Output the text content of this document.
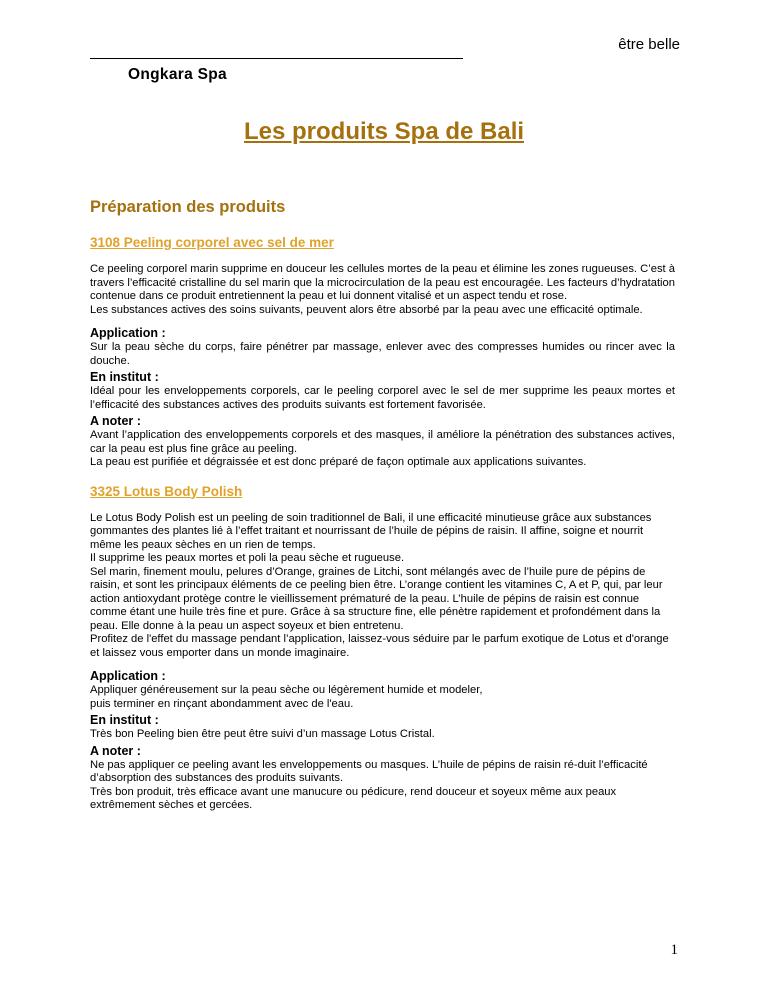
être belle
Ongkara Spa
Les produits Spa de Bali
Préparation des produits
3108 Peeling corporel avec sel de mer

Ce peeling corporel marin supprime en douceur les cellules mortes de la peau et élimine les zones rugueuses. C’est à travers l’efficacité cristalline du sel marin que la microcirculation de la peau est encouragée. Les facteurs d’hydratation contenue dans ce produit entretiennent la peau et lui donnent vitalisé et un aspect tendu et rose.

Les substances actives des soins suivants, peuvent alors être absorbé par la peau avec une efficacité optimale.

Application :

Sur la peau sèche du corps, faire pénétrer par massage, enlever avec des compresses humides ou rincer avec la douche.

En institut :

Idéal pour les enveloppements corporels, car le peeling corporel avec le sel de mer supprime les peaux mortes et l’efficacité des substances actives des produits suivants est fortement favorisée.

A noter :

Avant l’application des enveloppements corporels et des masques, il améliore la pénétration des substances actives, car la peau est plus fine grâce au peeling.

La peau est purifiée et dégraissée et est donc préparé de façon optimale aux applications suivantes.

3325 Lotus Body Polish

Le Lotus Body Polish est un peeling de soin traditionnel de Bali, il une efficacité minutieuse grâce aux substances gommantes des plantes lié à l’effet traitant et nourrissant de l’huile de pépins de raisin. Il affine, soigne et nourrit même les peaux sèches en un rien de temps.

Il supprime les peaux mortes et poli la peau sèche et rugueuse.

Sel marin, finement moulu, pelures d’Orange, graines de Litchi, sont mélangés avec de l’huile pure de pépins de raisin, et sont les principaux éléments de ce peeling bien être. L’orange contient les vitamines C, A et P, qui, par leur action antioxydant protège contre le vieillissement prématuré de la peau. L’huile de pépins de raisin est connue comme étant une huile très fine et pure. Grâce à sa structure fine, elle pénètre rapidement et profondément dans la peau. Elle donne à la peau un aspect soyeux et bien entretenu.

Profitez de l'effet du massage pendant l’application, laissez-vous séduire par le parfum exotique de Lotus et d'orange et laissez vous emporter dans un monde imaginaire.

Application :

Appliquer généreusement sur la peau sèche ou légèrement humide et modeler,

puis terminer en rinçant abondamment avec de l'eau.

En institut :

Très bon Peeling bien être peut être suivi d’un massage Lotus Cristal.

A noter :

Ne pas appliquer ce peeling avant les enveloppements ou masques. L’huile de pépins de raisin ré-duit l’efficacité d’absorption des substances des produits suivants.

Très bon produit, très efficace avant une manucure ou pédicure, rend douceur et soyeux même aux peaux extrêmement sèches et gercées.

1
